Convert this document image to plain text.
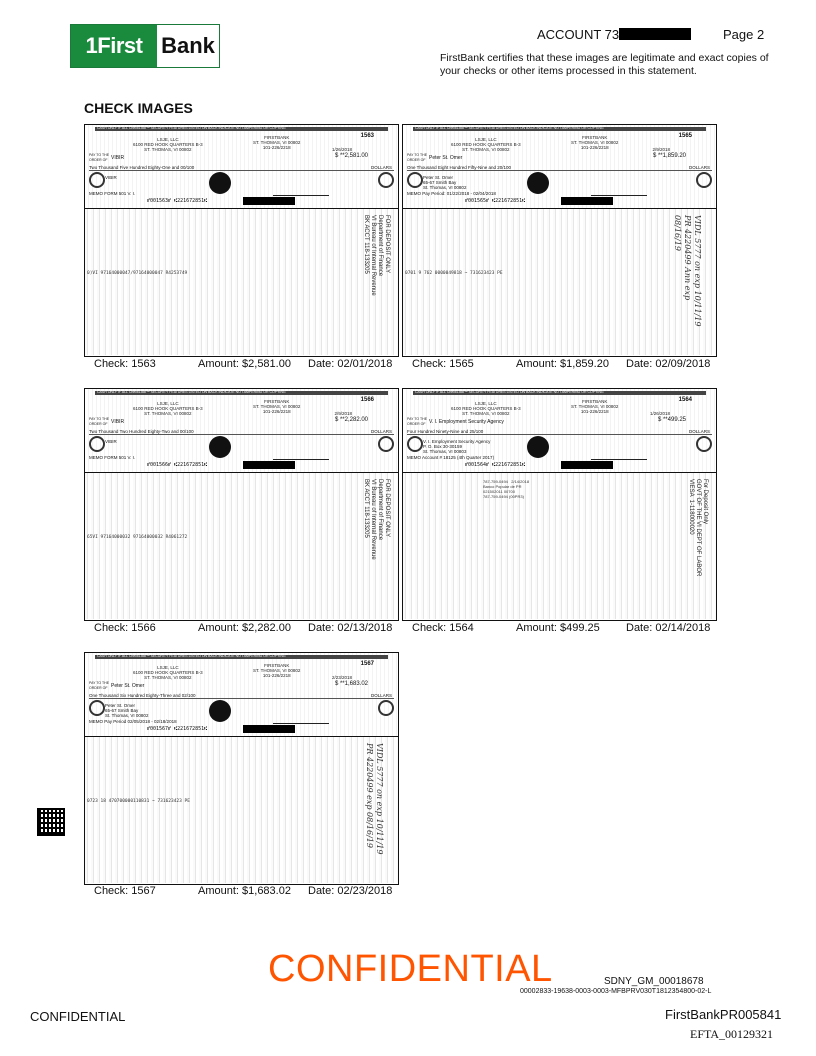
1First Bank	ACCOUNT 73	Page 2
FirstBank certifies that these images are legitimate and exact copies of your checks or other items processed in this statement.
CHECK IMAGES
CASH ONLY IF ALL CheckLock™ SECURITY FEATURES LISTED ON BACK INDICATE NO TAMPERING OR COPYING
LSJE, LLC
6100 RED HOOK QUARTERS B-3
ST. THOMAS, VI 00802
FIRSTBANK
ST. THOMAS, VI 00802
101-226/2218
1563
1/26/2018
PAY TO THE
ORDER OF VIBIR	$ **2,581.00
Two Thousand Five Hundred Eighty-One and 00/100	DOLLARS
VIBIR
MEMO FORM 501 V. I.
⑈001563⑈ ⑆221672851⑆
0)VI 97164000047/97164000047 R4253749
FOR DEPOSIT ONLY
Department of Finance
VI Bureau of Internal Revenue
BK ACCT 118-133205
Check: 1563	Amount: $2,581.00 Date: 02/01/2018
CASH ONLY IF ALL CheckLock™ SECURITY FEATURES LISTED ON BACK INDICATE NO TAMPERING OR COPYING
LSJE, LLC
6100 RED HOOK QUARTERS B-3
ST. THOMAS, VI 00802
FIRSTBANK
ST. THOMAS, VI 00802
101-226/2218
1565
2/9/2018
PAY TO THE
ORDER OF Peter St. Omer	$ **1,859.20
One Thousand Eight Hundred Fifty-Nine and 20/100	DOLLARS
Peter St. Omer
65-67 Smith Bay
St. Thomas, VI 00802
MEMO Pay Period: 01/22/2018 - 02/04/2018
⑈001565⑈ ⑆221672851⑆
0701 9 762 0000049818 ~ 731623423 PE	VIDL 5777 on exp 10/11/19 PR 4220499 Ann exp 08/16/19
Check: 1565	Amount: $1,859.20 Date: 02/09/2018
CASH ONLY IF ALL CheckLock™ SECURITY FEATURES LISTED ON BACK INDICATE NO TAMPERING OR COPYING
LSJE, LLC
6100 RED HOOK QUARTERS B-3
ST. THOMAS, VI 00802
FIRSTBANK
ST. THOMAS, VI 00802
101-226/2218
1566
2/9/2018
PAY TO THE
ORDER OF VIBIR	$ **2,282.00
Two Thousand Two Hundred Eighty-Two and 00/100	DOLLARS
VIBIR
MEMO FORM 501 V. I.
⑈001566⑈ ⑆221672851⑆
65VI 97164000032 97164000032 R4061272
FOR DEPOSIT ONLY
Department of Finance
VI Bureau of Internal Revenue
BK ACCT 118-133205
Check: 1566	Amount: $2,282.00 Date: 02/13/2018
CASH ONLY IF ALL CheckLock™ SECURITY FEATURES LISTED ON BACK INDICATE NO TAMPERING OR COPYING
LSJE, LLC
6100 RED HOOK QUARTERS B-3
ST. THOMAS, VI 00802
FIRSTBANK
ST. THOMAS, VI 00802
101-226/2218
1564
1/26/2018
PAY TO THE
ORDER OF V. I. Employment Security Agency	$ **499.25
Four Hundred Ninety-Nine and 25/100	DOLLARS
V. I. Employment Security Agency
P. O. Box 30-30159
St. Thomas, VI 00803
MEMO Account # 18125 (4th Quarter 2017)
⑈001564⑈ ⑆221672851⑆
For Deposit Only
GOVT OF THE VI DEPT OF LABOR
VIESA  1-118000020
787-759-0494   2/14/2018
Banco Popular de PR
021502011 00700
787-759-0494 (00PR3)
Check: 1564	Amount: $499.25 Date: 02/14/2018
CASH ONLY IF ALL CheckLock™ SECURITY FEATURES LISTED ON BACK INDICATE NO TAMPERING OR COPYING
LSJE, LLC
6100 RED HOOK QUARTERS B-3
ST. THOMAS, VI 00802
FIRSTBANK
ST. THOMAS, VI 00802
101-226/2218
1567
2/23/2018
PAY TO THE
ORDER OF Peter St. Omer	$ **1,683.02
One Thousand Six Hundred Eighty-Three and 02/100	DOLLARS
Peter St. Omer
65-67 Smith Bay
St. Thomas, VI 00802
MEMO Pay Period 02/05/2018 - 02/18/2018
⑈001567⑈ ⑆221672851⑆
0723 18 470700000110831 ~ 731623423 PE	VIDL 5777 on exp 10/11/19 PR 4220499 exp 08/16/19
Check: 1567	Amount: $1,683.02 Date: 02/23/2018
CONFIDENTIAL	SDNY_GM_00018678
00002833-19638-0003-0003-MFBPRV030T1812354800-02-L
CONFIDENTIAL	FirstBankPR005841
EFTA_00129321
